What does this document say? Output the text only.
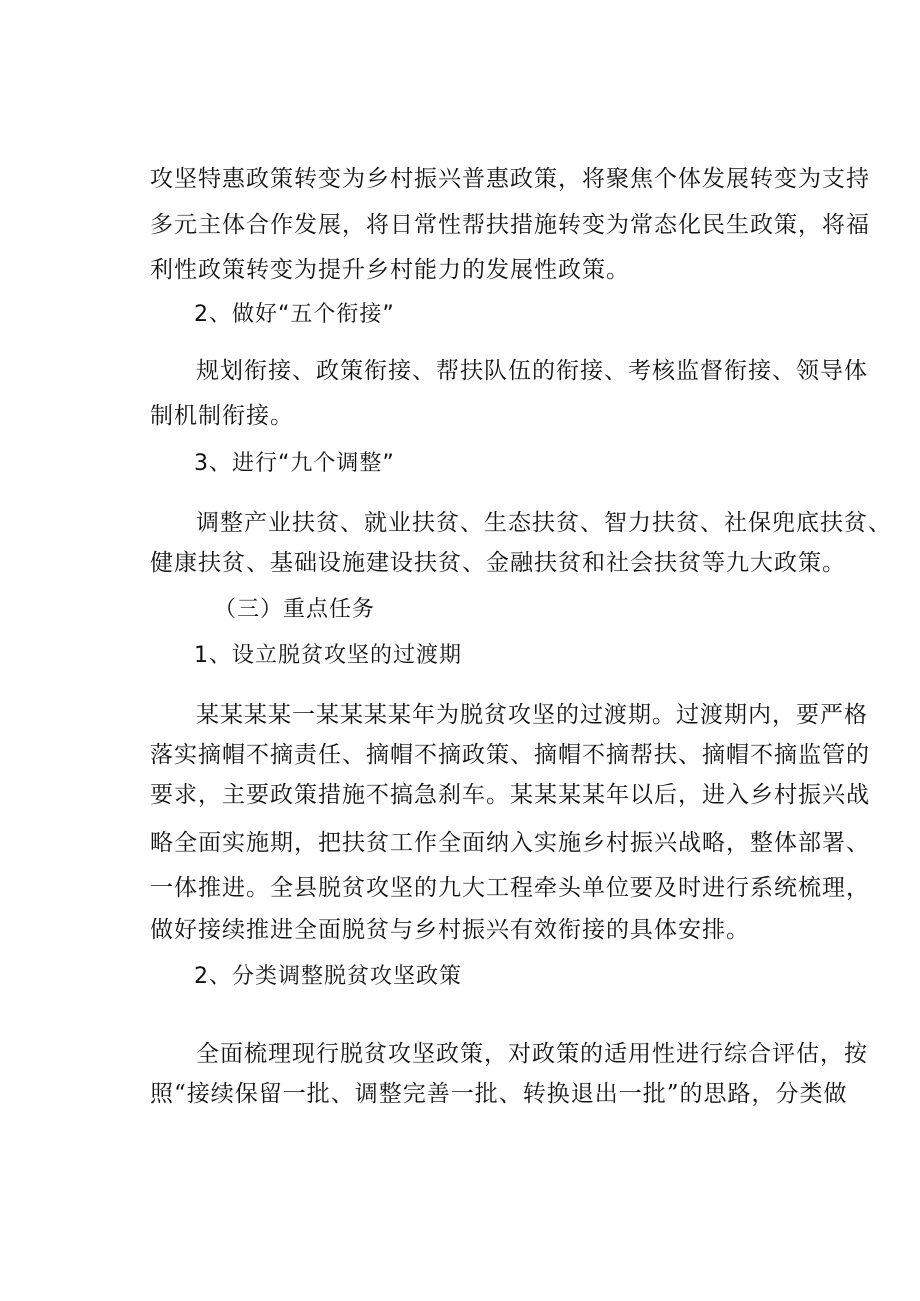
攻坚特惠政策转变为乡村振兴普惠政策，将聚焦个体发展转变为支持
多元主体合作发展，将日常性帮扶措施转变为常态化民生政策，将福
利性政策转变为提升乡村能力的发展性政策。
2、做好“五个衔接”
规划衔接、政策衔接、帮扶队伍的衔接、考核监督衔接、领导体
制机制衔接。
3、进行“九个调整”
调整产业扶贫、就业扶贫、生态扶贫、智力扶贫、社保兜底扶贫、
健康扶贫、基础设施建设扶贫、金融扶贫和社会扶贫等九大政策。
（三）重点任务
1、设立脱贫攻坚的过渡期
某某某某一某某某某年为脱贫攻坚的过渡期。过渡期内，要严格
落实摘帽不摘责任、摘帽不摘政策、摘帽不摘帮扶、摘帽不摘监管的
要求，主要政策措施不搞急刹车。某某某某年以后，进入乡村振兴战
略全面实施期，把扶贫工作全面纳入实施乡村振兴战略，整体部署、
一体推进。全县脱贫攻坚的九大工程牵头单位要及时进行系统梳理，
做好接续推进全面脱贫与乡村振兴有效衔接的具体安排。
2、分类调整脱贫攻坚政策
全面梳理现行脱贫攻坚政策，对政策的适用性进行综合评估，按
照“接续保留一批、调整完善一批、转换退出一批”的思路，分类做
